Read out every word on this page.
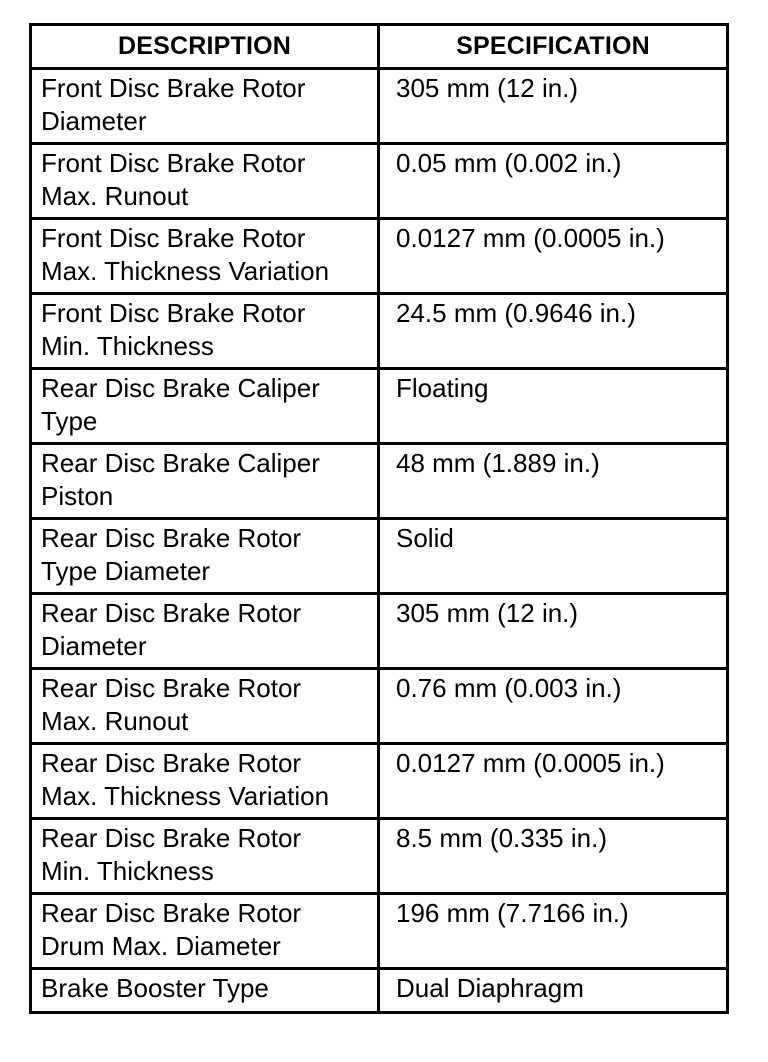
DESCRIPTION	SPECIFICATION

Front Disc Brake Rotor
Diameter	305 mm (12 in.)

Front Disc Brake Rotor
Max. Runout	0.05 mm (0.002 in.)

Front Disc Brake Rotor
Max. Thickness Variation	0.0127 mm (0.0005 in.)

Front Disc Brake Rotor
Min. Thickness	24.5 mm (0.9646 in.)

Rear Disc Brake Caliper
Type	Floating

Rear Disc Brake Caliper
Piston	48 mm (1.889 in.)

Rear Disc Brake Rotor
Type Diameter	Solid

Rear Disc Brake Rotor
Diameter	305 mm (12 in.)

Rear Disc Brake Rotor
Max. Runout	0.76 mm (0.003 in.)

Rear Disc Brake Rotor
Max. Thickness Variation	0.0127 mm (0.0005 in.)

Rear Disc Brake Rotor
Min. Thickness	8.5 mm (0.335 in.)

Rear Disc Brake Rotor
Drum Max. Diameter	196 mm (7.7166 in.)

Brake Booster Type	Dual Diaphragm
